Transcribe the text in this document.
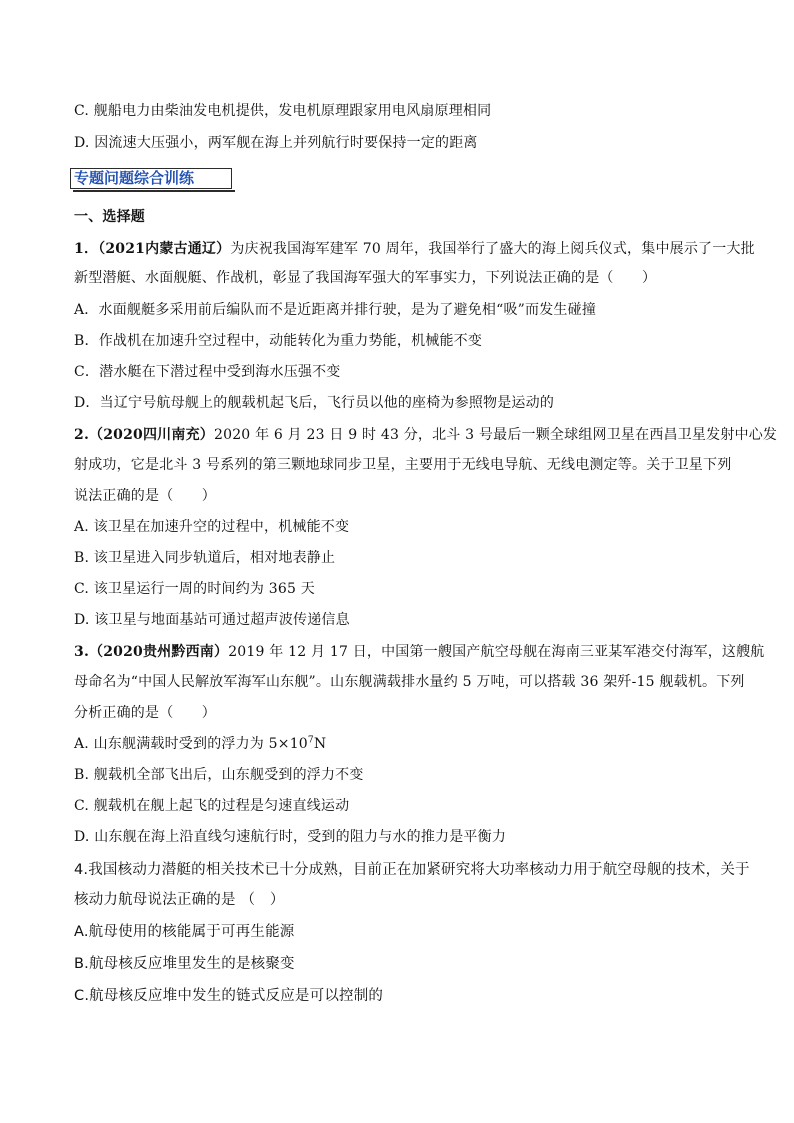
C. 舰船电力由柴油发电机提供，发电机原理跟家用电风扇原理相同
D. 因流速大压强小，两军舰在海上并列航行时要保持一定的距离
专题问题综合训练
一、选择题
1．（2021内蒙古通辽）为庆祝我国海军建军 70 周年，我国举行了盛大的海上阅兵仪式，集中展示了一大批
新型潜艇、水面舰艇、作战机，彰显了我国海军强大的军事实力，下列说法正确的是（　　）
A．水面舰艇多采用前后编队而不是近距离并排行驶，是为了避免相“吸”而发生碰撞
B．作战机在加速升空过程中，动能转化为重力势能，机械能不变
C．潜水艇在下潜过程中受到海水压强不变
D．当辽宁号航母舰上的舰载机起飞后，飞行员以他的座椅为参照物是运动的
2.（2020四川南充）2020 年 6 月 23 日 9 时 43 分，北斗 3 号最后一颗全球组网卫星在西昌卫星发射中心发
射成功，它是北斗 3 号系列的第三颗地球同步卫星，主要用于无线电导航、无线电测定等。关于卫星下列
说法正确的是（　　）
A. 该卫星在加速升空的过程中，机械能不变
B. 该卫星进入同步轨道后，相对地表静止
C. 该卫星运行一周的时间约为 365 天
D. 该卫星与地面基站可通过超声波传递信息
3.（2020贵州黔西南）2019 年 12 月 17 日，中国第一艘国产航空母舰在海南三亚某军港交付海军，这艘航
母命名为“中国人民解放军海军山东舰”。山东舰满载排水量约 5 万吨，可以搭载 36 架歼-15 舰载机。下列
分析正确的是（　　）
A. 山东舰满载时受到的浮力为 $5\times 10^7N$
B. 舰载机全部飞出后，山东舰受到的浮力不变
C. 舰载机在舰上起飞的过程是匀速直线运动
D. 山东舰在海上沿直线匀速航行时，受到的阻力与水的推力是平衡力
4.我国核动力潜艇的相关技术已十分成熟，目前正在加紧研究将大功率核动力用于航空母舰的技术，关于
核动力航母说法正确的是 （　）
A.航母使用的核能属于可再生能源
B.航母核反应堆里发生的是核聚变
C.航母核反应堆中发生的链式反应是可以控制的
